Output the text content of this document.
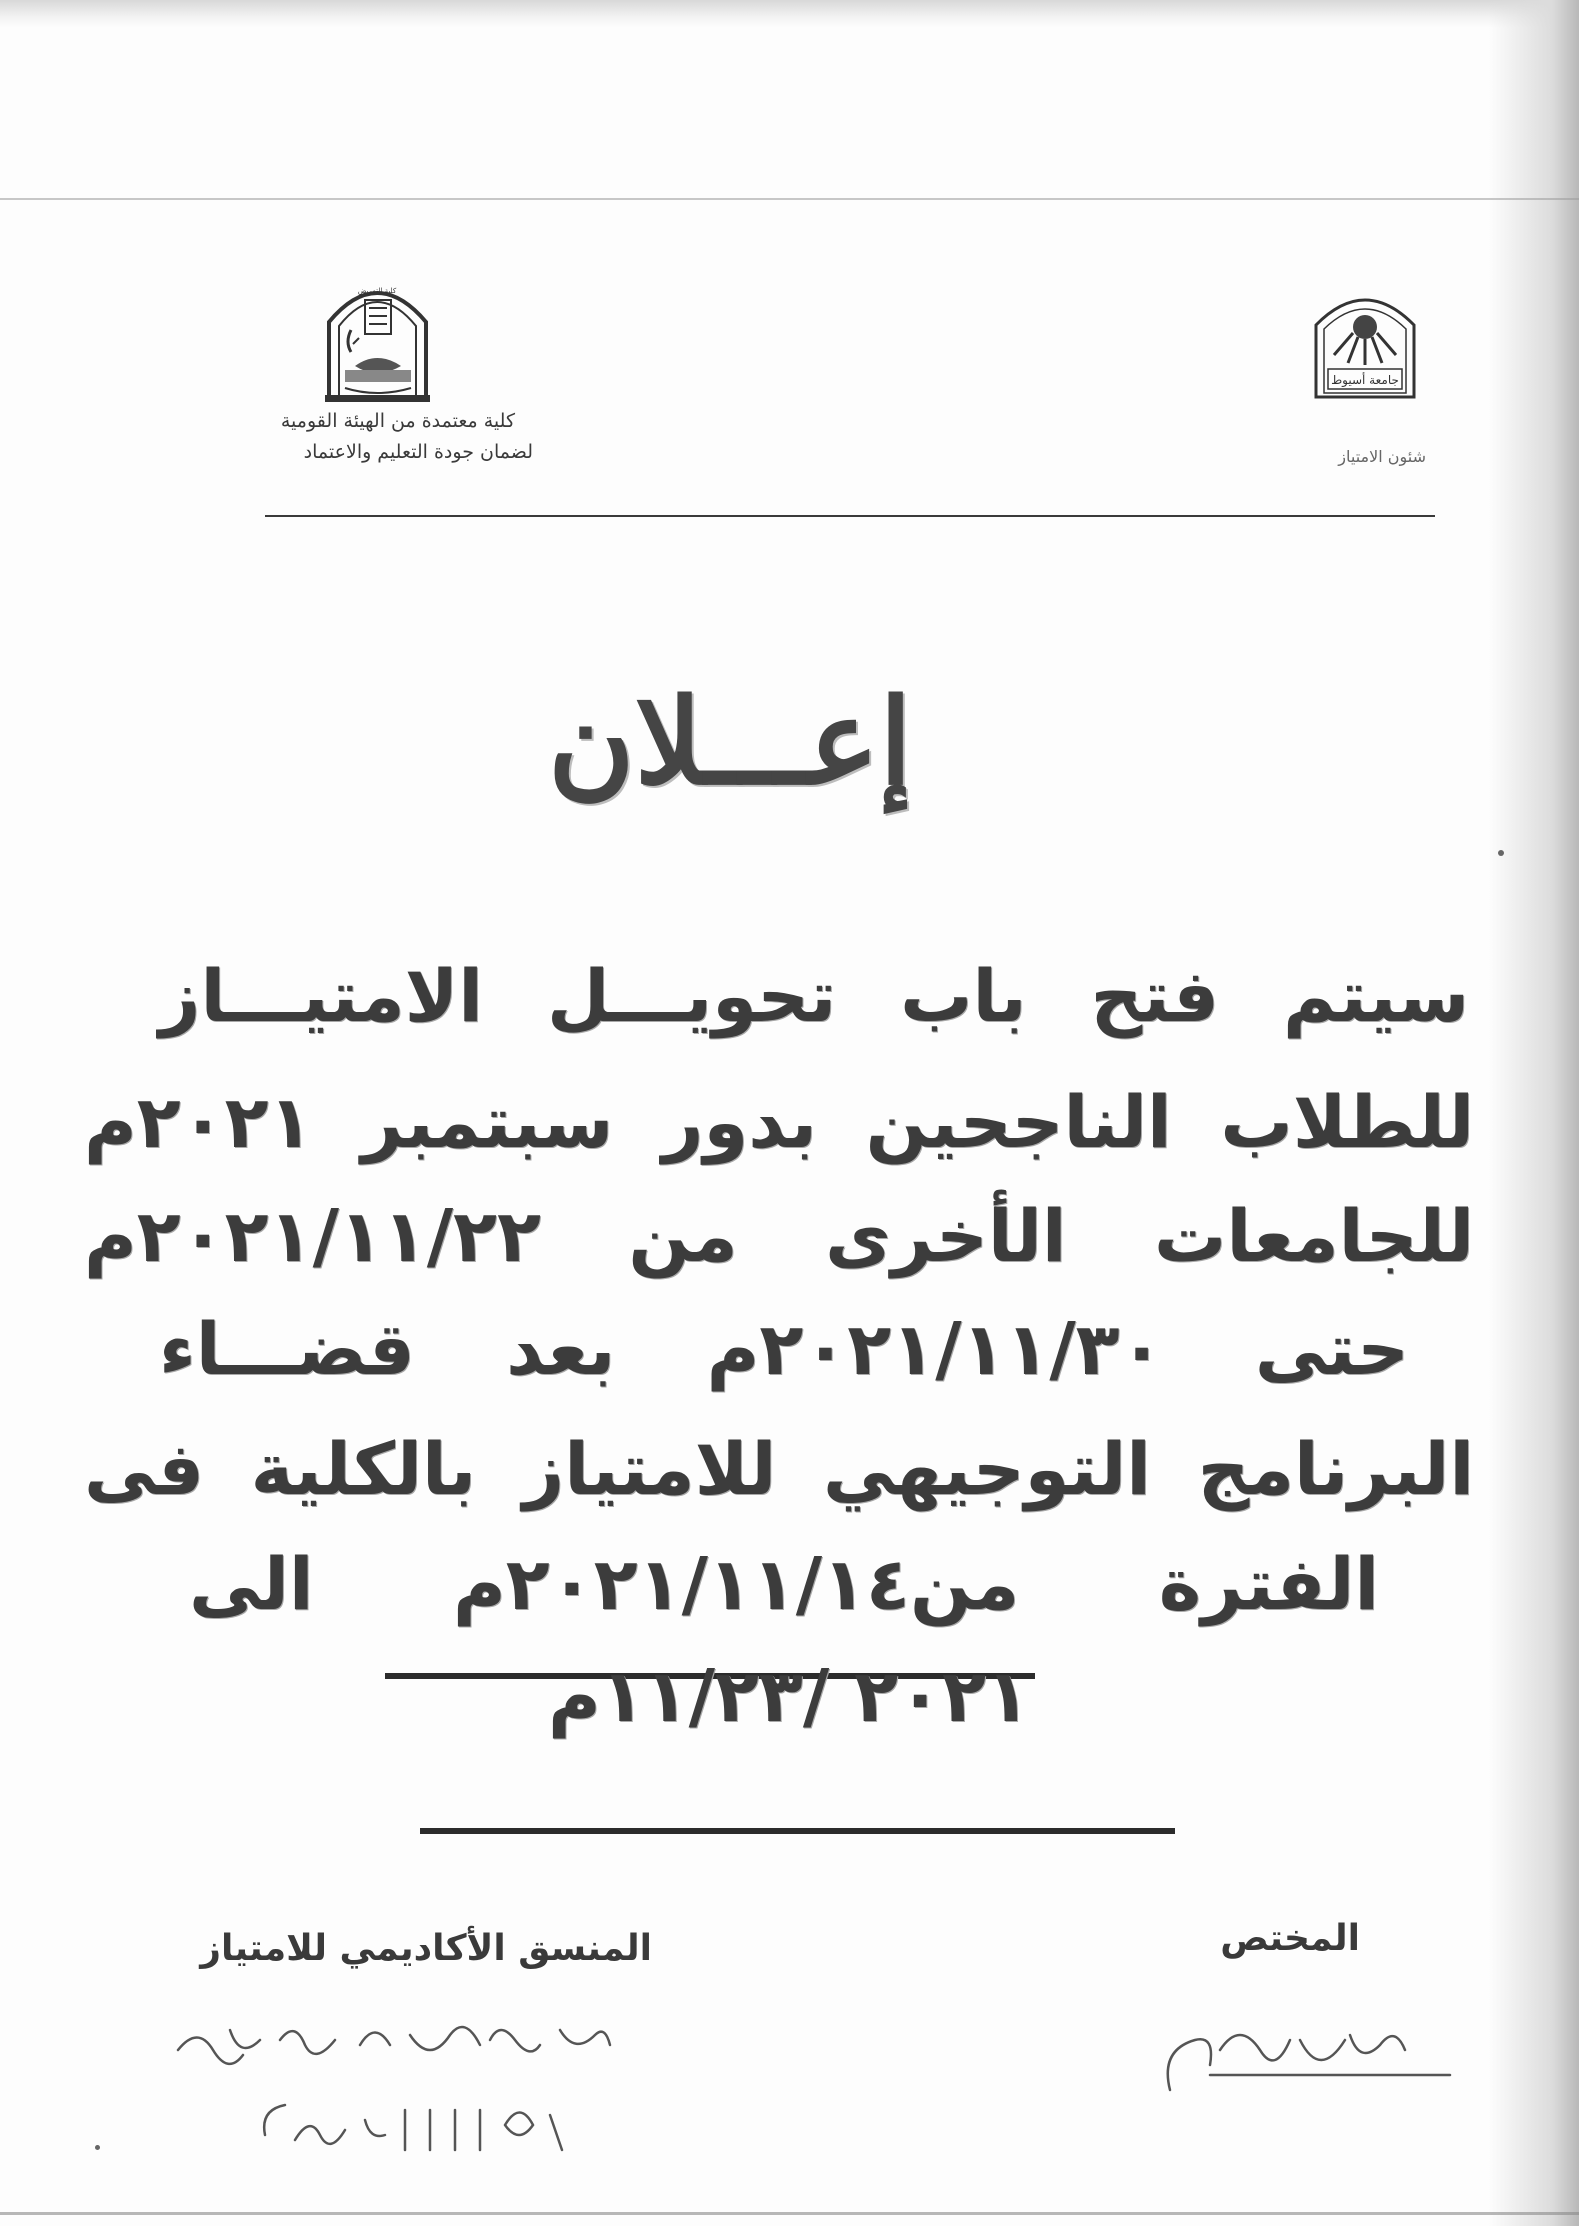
كلية التمريض
جامعة أسيوط
كلية معتمدة من الهيئة القومية
لضمان جودة التعليم والاعتماد	شئون الامتياز
إعـــلان
سيتم فتح باب تحويـــل الامتيـــاز
للطلاب الناجحين بدور سبتمبر ٢٠٢١م
للجامعات الأخرى من ٢٠٢١/١١/٢٢م
حتى ٢٠٢١/١١/٣٠م بعد قضـــاء
البرنامج التوجيهي للامتياز بالكلية فى
الفترة من٢٠٢١/١١/١٤م الى
٢٠٢١ /١١/٢٣م
المنسق الأكاديمي للامتياز	المختص
